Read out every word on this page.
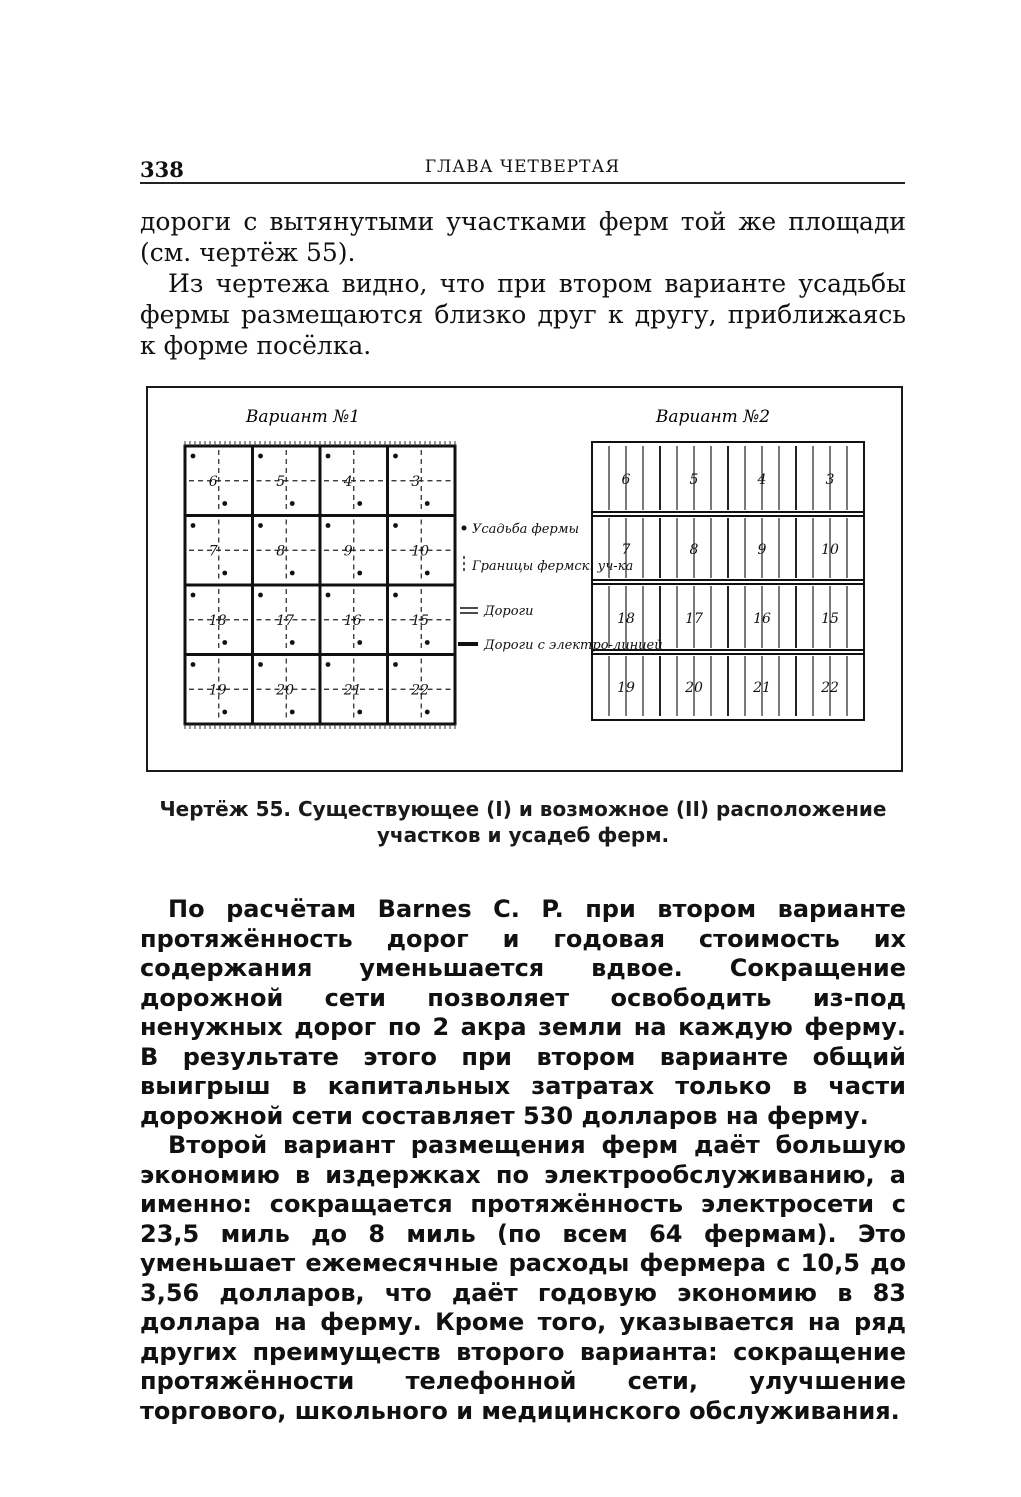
338	ГЛАВА ЧЕТВЕРТАЯ

дороги с вытянутыми участками ферм той же площади (см. чертёж 55).

Из чертежа видно, что при втором варианте усадьбы фермы размещаются близко друг к другу, приближаясь к форме посёлка.

6	5	4	3
7	8	9	10
18	17	16	15
19	20	21	22
6	5	4	3
7	8	9	10
18	17	16	15
19	20	21	22
Усадьба фермы
Границы фермск. уч-ка
Дороги
Дороги с электро-линией
Вариант №1	Вариант №2
Чертёж 55. Существующее (I) и возможное (II) расположение
участков и усадеб ферм.

По расчётам Barnes C. P. при втором варианте протяжённость дорог и годовая стоимость их содержания уменьшается вдвое. Сокращение дорожной сети позволяет освободить из-под ненужных дорог по 2 акра земли на каждую ферму. В результате этого при втором варианте общий выигрыш в капитальных затратах только в части дорожной сети составляет 530 долларов на ферму.

Второй вариант размещения ферм даёт большую экономию в издержках по электрообслуживанию, а именно: сокращается протяжённость электросети с 23,5 миль до 8 миль (по всем 64 фермам). Это уменьшает ежемесячные расходы фермера с 10,5 до 3,56 долларов, что даёт годовую экономию в 83 доллара на ферму. Кроме того, указывается на ряд других преимуществ второго варианта: сокращение протяжённости телефонной сети, улучшение торгового, школьного и медицинского обслуживания.
